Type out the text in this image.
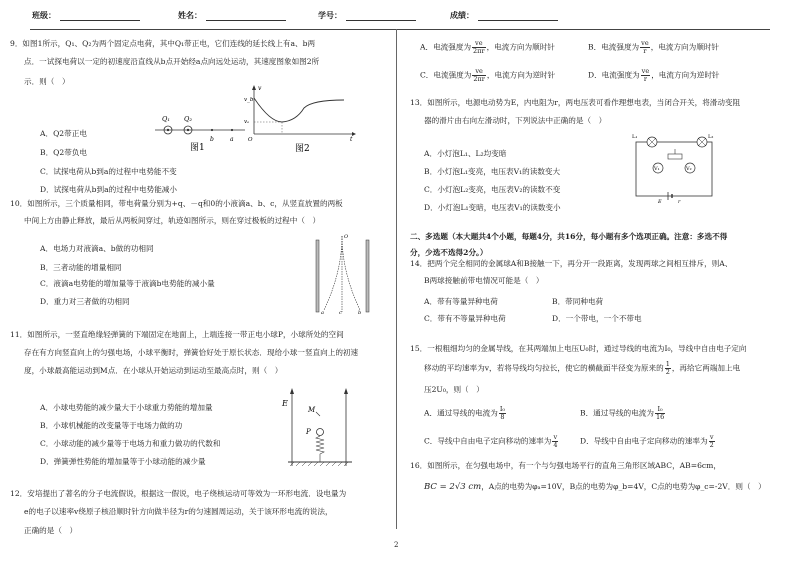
班级：	姓名：	学号：	成绩：
9．如图1所示，Q₁、Q₂为两个固定点电荷，其中Q₁带正电，它们连线的延长线上有a、b两
点．一试探电荷以一定的初速度沿直线从b点开始经a点向远处运动，其速度图象如图2所
示．则（　）
A．Q2带正电
B．Q2带负电
C．试探电荷从b到a的过程中电势能不变
D．试探电荷从b到a的过程中电势能减小
Q₁ Q₂
b	a
图1
v_b
vₐ
O	t
v
图2
10．如图所示，三个质量相同，带电荷量分别为+q、－q和0的小液滴a、b、c，从竖直放置的两板
中间上方由静止释放，最后从两板间穿过，轨迹如图所示，则在穿过极板的过程中（　）
A．电场力对液滴a、b做的功相同
B．三者动能的增量相同
C．液滴a电势能的增加量等于液滴b电势能的减小量
D．重力对三者做的功相同
O
a	c	b
11．如图所示，一竖直绝缘轻弹簧的下端固定在地面上，上端连接一带正电小球P，小球所处的空间
存在有方向竖直向上的匀强电场，小球平衡时，弹簧恰好处于原长状态．现给小球一竖直向上的初速
度，小球最高能运动到M点．在小球从开始运动到运动至最高点时，则（　）
A．小球电势能的减少量大于小球重力势能的增加量
B．小球机械能的改变量等于电场力做的功
C．小球动能的减少量等于电场力和重力做功的代数和
D．弹簧弹性势能的增加量等于小球动能的减少量
E
M
P
12．安培提出了著名的分子电流假说，根据这一假说，电子绕核运动可等效为一环形电流．设电量为
e的电子以速率v绕原子核沿顺时针方向做半径为r的匀速圆周运动，关于该环形电流的说法，
正确的是（　）
A．电流强度为 $\frac{ve}{2\pi r}$ ，电流方向为顺时针	B．电流强度为 $\frac{ve}{r}$ ，电流方向为顺时针
C．电流强度为 $\frac{ve}{2\pi r}$ ，电流方向为逆时针	D．电流强度为 $\frac{ve}{r}$ ，电流方向为逆时针
13．如图所示，电源电动势为E，内电阻为r，两电压表可看作理想电表，当闭合开关，将滑动变阻
器的滑片由右向左滑动时，下列说法中正确的是（　）
A．小灯泡L₁、L₂均变暗
B．小灯泡L₁变亮，电压表V₁的读数变大
C．小灯泡L₂变亮，电压表V₂的读数不变
D．小灯泡L₁变暗，电压表V₁的读数变小
L₁	L₂
V₁	V₂
E	r
二、多选题（本大题共4个小题，每题4分，共16分，每小题有多个选项正确。注意：多选不得
分，少选不选得2分。）
14．把两个完全相同的金属球A和B接触一下，再分开一段距离，发现两球之间相互排斥，则A、
B两球接触前带电情况可能是（　）
A．带有等量异种电荷	B．带同种电荷
C．带有不等量异种电荷	D．一个带电，一个不带电
15．一根粗细均匀的金属导线，在其两端加上电压U₀时，通过导线的电流为I₀，导线中自由电子定向
移动的平均速率为v，若将导线均匀拉长，使它的横截面半径变为原来的 $\frac{1}{2}$ ，再给它两端加上电
压2U₀，则（　）
A．通过导线的电流为 $\frac{\text{I₀}}{8}$	B．通过导线的电流为 $\frac{\text{I₀}}{16}$
C．导线中自由电子定向移动的速率为 $\frac{v}{4}$	D．导线中自由电子定向移动的速率为 $\frac{v}{2}$
16．如图所示，在匀强电场中，有一个与匀强电场平行的直角三角形区域ABC，AB=6cm，
BC = 2√3 cm，A点的电势为φₐ=10V，B点的电势为φ_b=4V，C点的电势为φ_c=-2V．则（　）
2
